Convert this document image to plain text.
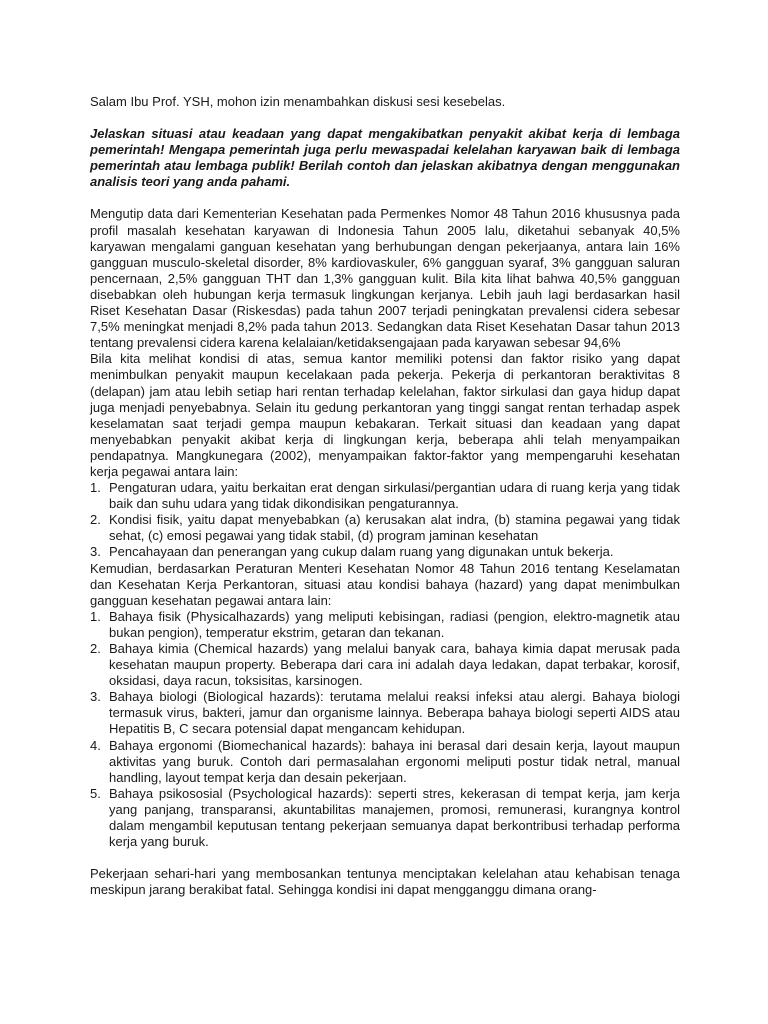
Salam Ibu Prof. YSH, mohon izin menambahkan diskusi sesi kesebelas.

Jelaskan situasi atau keadaan yang dapat mengakibatkan penyakit akibat kerja di lembaga pemerintah! Mengapa pemerintah juga perlu mewaspadai kelelahan karyawan baik di lembaga pemerintah atau lembaga publik! Berilah contoh dan jelaskan akibatnya dengan menggunakan analisis teori yang anda pahami.

Mengutip data dari Kementerian Kesehatan pada Permenkes Nomor 48 Tahun 2016 khususnya pada profil masalah kesehatan karyawan di Indonesia Tahun 2005 lalu, diketahui sebanyak 40,5% karyawan mengalami ganguan kesehatan yang berhubungan dengan pekerjaanya, antara lain 16% gangguan musculo-skeletal disorder, 8% kardiovaskuler, 6% gangguan syaraf, 3% gangguan saluran pencernaan, 2,5% gangguan THT dan 1,3% gangguan kulit. Bila kita lihat bahwa 40,5% gangguan disebabkan oleh hubungan kerja termasuk lingkungan kerjanya. Lebih jauh lagi berdasarkan hasil Riset Kesehatan Dasar (Riskesdas) pada tahun 2007 terjadi peningkatan prevalensi cidera sebesar 7,5% meningkat menjadi 8,2% pada tahun 2013. Sedangkan data Riset Kesehatan Dasar tahun 2013 tentang prevalensi cidera karena kelalaian/ketidaksengajaan pada karyawan sebesar 94,6%

Bila kita melihat kondisi di atas, semua kantor memiliki potensi dan faktor risiko yang dapat menimbulkan penyakit maupun kecelakaan pada pekerja. Pekerja di perkantoran beraktivitas 8 (delapan) jam atau lebih setiap hari rentan terhadap kelelahan, faktor sirkulasi dan gaya hidup dapat juga menjadi penyebabnya. Selain itu gedung perkantoran yang tinggi sangat rentan terhadap aspek keselamatan saat terjadi gempa maupun kebakaran. Terkait situasi dan keadaan yang dapat menyebabkan penyakit akibat kerja di lingkungan kerja, beberapa ahli telah menyampaikan pendapatnya. Mangkunegara (2002), menyampaikan faktor-faktor yang mempengaruhi kesehatan kerja pegawai antara lain:

1. Pengaturan udara, yaitu berkaitan erat dengan sirkulasi/pergantian udara di ruang kerja yang tidak baik dan suhu udara yang tidak dikondisikan pengaturannya.
2. Kondisi fisik, yaitu dapat menyebabkan (a) kerusakan alat indra, (b) stamina pegawai yang tidak sehat, (c) emosi pegawai yang tidak stabil, (d) program jaminan kesehatan
3. Pencahayaan dan penerangan yang cukup dalam ruang yang digunakan untuk bekerja.

Kemudian, berdasarkan Peraturan Menteri Kesehatan Nomor 48 Tahun 2016 tentang Keselamatan dan Kesehatan Kerja Perkantoran, situasi atau kondisi bahaya (hazard) yang dapat menimbulkan gangguan kesehatan pegawai antara lain:

1. Bahaya fisik (Physicalhazards) yang meliputi kebisingan, radiasi (pengion, elektro-magnetik atau bukan pengion), temperatur ekstrim, getaran dan tekanan.
2. Bahaya kimia (Chemical hazards) yang melalui banyak cara, bahaya kimia dapat merusak pada kesehatan maupun property. Beberapa dari cara ini adalah daya ledakan, dapat terbakar, korosif, oksidasi, daya racun, toksisitas, karsinogen.
3. Bahaya biologi (Biological hazards): terutama melalui reaksi infeksi atau alergi. Bahaya biologi termasuk virus, bakteri, jamur dan organisme lainnya. Beberapa bahaya biologi seperti AIDS atau Hepatitis B, C secara potensial dapat mengancam kehidupan.
4. Bahaya ergonomi (Biomechanical hazards): bahaya ini berasal dari desain kerja, layout maupun aktivitas yang buruk. Contoh dari permasalahan ergonomi meliputi postur tidak netral, manual handling, layout tempat kerja dan desain pekerjaan.
5. Bahaya psikososial (Psychological hazards): seperti stres, kekerasan di tempat kerja, jam kerja yang panjang, transparansi, akuntabilitas manajemen, promosi, remunerasi, kurangnya kontrol dalam mengambil keputusan tentang pekerjaan semuanya dapat berkontribusi terhadap performa kerja yang buruk.

Pekerjaan sehari-hari yang membosankan tentunya menciptakan kelelahan atau kehabisan tenaga meskipun jarang berakibat fatal. Sehingga kondisi ini dapat mengganggu dimana orang-
